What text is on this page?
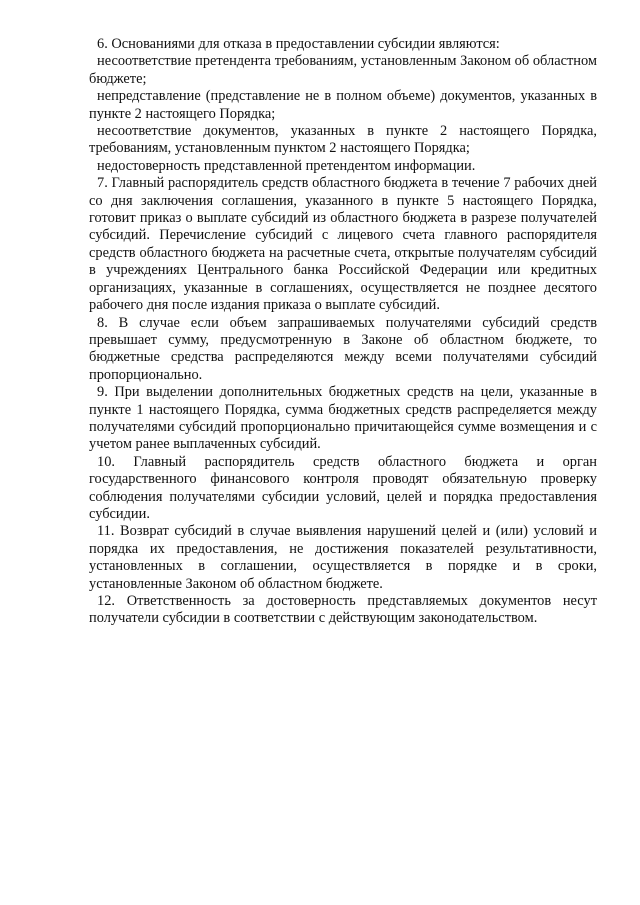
6. Основаниями для отказа в предоставлении субсидии являются:

несоответствие претендента требованиям, установленным Законом об областном бюджете;

непредставление (представление не в полном объеме) документов, указанных в пункте 2 настоящего Порядка;

несоответствие документов, указанных в пункте 2 настоящего Порядка, требованиям, установленным пунктом 2 настоящего Порядка;

недостоверность представленной претендентом информации.

7. Главный распорядитель средств областного бюджета в течение 7 рабочих дней со дня заключения соглашения, указанного в пункте 5 настоящего Порядка, готовит приказ о выплате субсидий из областного бюджета в разрезе получателей субсидий. Перечисление субсидий с лицевого счета главного распорядителя средств областного бюджета на расчетные счета, открытые получателям субсидий в учреждениях Центрального банка Российской Федерации или кредитных организациях, указанные в соглашениях, осуществляется не позднее десятого рабочего дня после издания приказа о выплате субсидий.

8. В случае если объем запрашиваемых получателями субсидий средств превышает сумму, предусмотренную в Законе об областном бюджете, то бюджетные средства распределяются между всеми получателями субсидий пропорционально.

9. При выделении дополнительных бюджетных средств на цели, указанные в пункте 1 настоящего Порядка, сумма бюджетных средств распределяется между получателями субсидий пропорционально причитающейся сумме возмещения и с учетом ранее выплаченных субсидий.

10. Главный распорядитель средств областного бюджета и орган государственного финансового контроля проводят обязательную проверку соблюдения получателями субсидии условий, целей и порядка предоставления субсидии.

11. Возврат субсидий в случае выявления нарушений целей и (или) условий и порядка их предоставления, не достижения показателей результативности, установленных в соглашении, осуществляется в порядке и в сроки, установленные Законом об областном бюджете.

12. Ответственность за достоверность представляемых документов несут получатели субсидии в соответствии с действующим законодательством.
